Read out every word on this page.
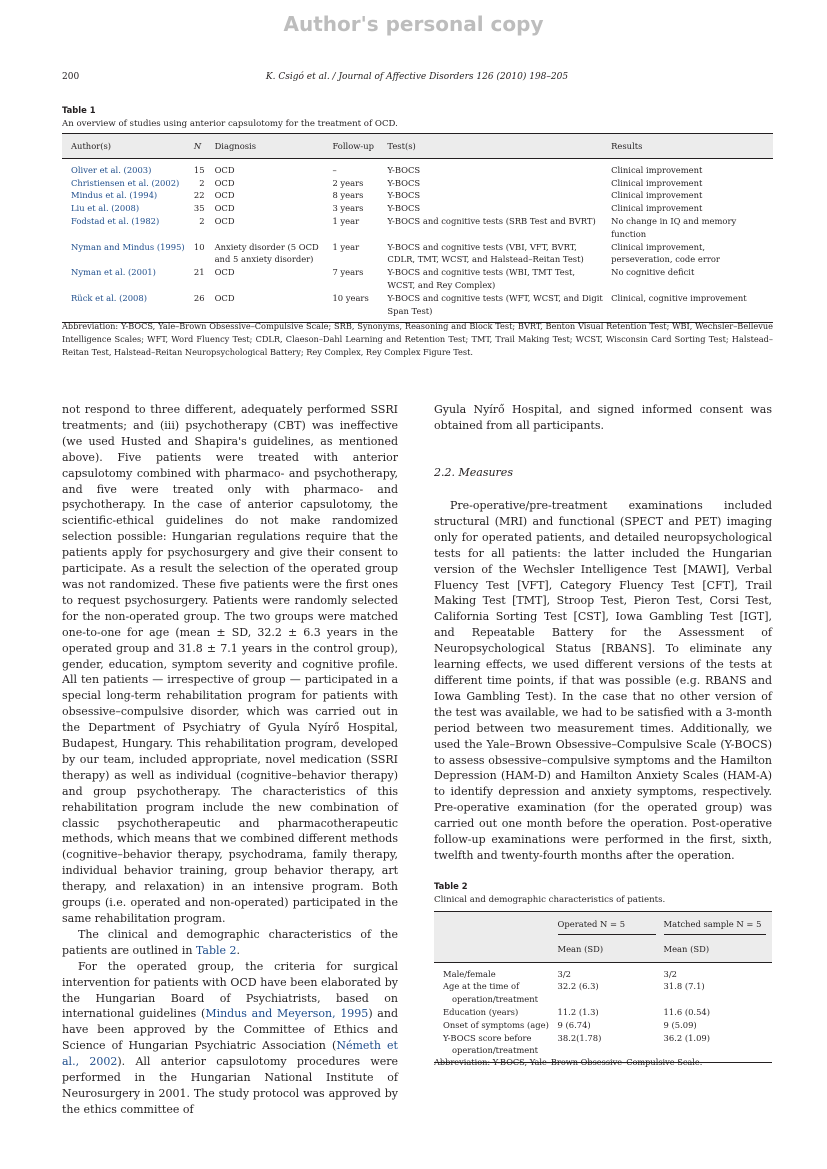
Author's personal copy
K. Csigó et al. / Journal of Affective Disorders 126 (2010) 198–205
200
Table 1
An overview of studies using anterior capsulotomy for the treatment of OCD.
Author(s)	N	Diagnosis	Follow-up	Test(s)	Results
Oliver et al. (2003)	15	OCD	–	Y-BOCS	Clinical improvement
Christiensen et al. (2002)	2	OCD	2 years	Y-BOCS	Clinical improvement
Mindus et al. (1994)	22	OCD	8 years	Y-BOCS	Clinical improvement
Liu et al. (2008)	35	OCD	3 years	Y-BOCS	Clinical improvement
Fodstad et al. (1982)	2	OCD	1 year	Y-BOCS and cognitive tests (SRB Test and BVRT)	No change in IQ and memory function
Nyman and Mindus (1995)	10	Anxiety disorder (5 OCD and 5 anxiety disorder)	1 year	Y-BOCS and cognitive tests (VBI, VFT, BVRT, CDLR, TMT, WCST, and Halstead–Reitan Test)	Clinical improvement, perseveration, code error
Nyman et al. (2001)	21	OCD	7 years	Y-BOCS and cognitive tests (WBI, TMT Test, WCST, and Rey Complex)	No cognitive deficit
Rück et al. (2008)	26	OCD	10 years	Y-BOCS and cognitive tests (WFT, WCST, and Digit Span Test)	Clinical, cognitive improvement
Abbreviation: Y-BOCS, Yale–Brown Obsessive–Compulsive Scale; SRB, Synonyms, Reasoning and Block Test; BVRT, Benton Visual Retention Test; WBI, Wechsler–Bellevue Intelligence Scales; WFT, Word Fluency Test; CDLR, Claeson–Dahl Learning and Retention Test; TMT, Trail Making Test; WCST, Wisconsin Card Sorting Test; Halstead–Reitan Test, Halstead–Reitan Neuropsychological Battery; Rey Complex, Rey Complex Figure Test.

not respond to three different, adequately performed SSRI treatments; and (iii) psychotherapy (CBT) was ineffective (we used Husted and Shapira's guidelines, as mentioned above). Five patients were treated with anterior capsulotomy combined with pharmaco- and psychotherapy, and five were treated only with pharmaco- and psychotherapy. In the case of anterior capsulotomy, the scientific-ethical guidelines do not make randomized selection possible: Hungarian regulations require that the patients apply for psychosurgery and give their consent to participate. As a result the selection of the operated group was not randomized. These five patients were the first ones to request psychosurgery. Patients were randomly selected for the non-operated group. The two groups were matched one-to-one for age (mean ± SD, 32.2 ± 6.3 years in the operated group and 31.8 ± 7.1 years in the control group), gender, education, symptom severity and cognitive profile. All ten patients — irrespective of group — participated in a special long-term rehabilitation program for patients with obsessive–compulsive disorder, which was carried out in the Department of Psychiatry of Gyula Nyírő Hospital, Budapest, Hungary. This rehabilitation program, developed by our team, included appropriate, novel medication (SSRI therapy) as well as individual (cognitive–behavior therapy) and group psychotherapy. The characteristics of this rehabilitation program include the new combination of classic psychotherapeutic and pharmacotherapeutic methods, which means that we combined different methods (cognitive–behavior therapy, psychodrama, family therapy, individual behavior training, group behavior therapy, art therapy, and relaxation) in an intensive program. Both groups (i.e. operated and non-operated) participated in the same rehabilitation program.

The clinical and demographic characteristics of the patients are outlined in Table 2.

For the operated group, the criteria for surgical intervention for patients with OCD have been elaborated by the Hungarian Board of Psychiatrists, based on international guidelines (Mindus and Meyerson, 1995) and have been approved by the Committee of Ethics and Science of Hungarian Psychiatric Association (Németh et al., 2002). All anterior capsulotomy procedures were performed in the Hungarian National Institute of Neurosurgery in 2001. The study protocol was approved by the ethics committee of

Gyula Nyírő Hospital, and signed informed consent was obtained from all participants.

2.2. Measures

Pre-operative/pre-treatment examinations included structural (MRI) and functional (SPECT and PET) imaging only for operated patients, and detailed neuropsychological tests for all patients: the latter included the Hungarian version of the Wechsler Intelligence Test [MAWI], Verbal Fluency Test [VFT], Category Fluency Test [CFT], Trail Making Test [TMT], Stroop Test, Pieron Test, Corsi Test, California Sorting Test [CST], Iowa Gambling Test [IGT], and Repeatable Battery for the Assessment of Neuropsychological Status [RBANS]. To eliminate any learning effects, we used different versions of the tests at different time points, if that was possible (e.g. RBANS and Iowa Gambling Test). In the case that no other version of the test was available, we had to be satisfied with a 3-month period between two measurement times. Additionally, we used the Yale–Brown Obsessive–Compulsive Scale (Y-BOCS) to assess obsessive–compulsive symptoms and the Hamilton Depression (HAM-D) and Hamilton Anxiety Scales (HAM-A) to identify depression and anxiety symptoms, respectively. Pre-operative examination (for the operated group) was carried out one month before the operation. Post-operative follow-up examinations were performed in the first, sixth, twelfth and twenty-fourth months after the operation.

Table 2
Clinical and demographic characteristics of patients.
	Operated N = 5	Matched sample N = 5
	Mean (SD)	Mean (SD)
Male/female	3/2	3/2
Age at the time of
operation/treatment	32.2 (6.3)	31.8 (7.1)
Education (years)	11.2 (1.3)	11.6 (0.54)
Onset of symptoms (age)	9 (6.74)	9 (5.09)
Y-BOCS score before
operation/treatment	38.2(1.78)	36.2 (1.09)
Abbreviation: Y-BOCS, Yale–Brown Obsessive–Compulsive Scale.
